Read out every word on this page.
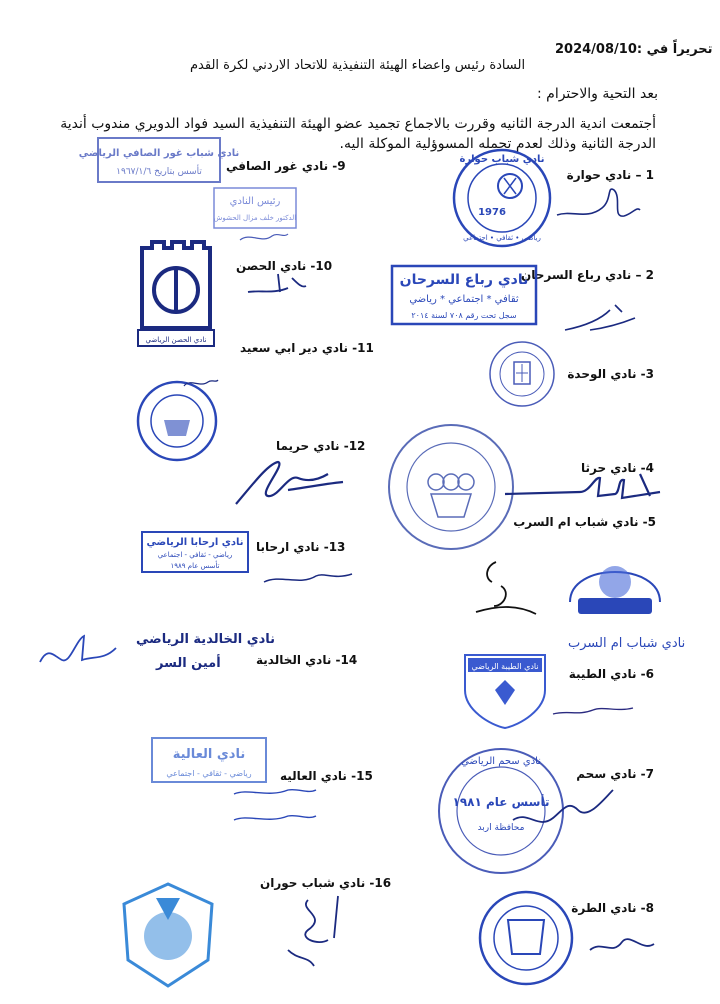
تحريراً في :2024/08/10
السادة رئيس واعضاء الهيئة التنفيذية للاتحاد الاردني لكرة القدم
بعد التحية والاحترام :
أجتمعت اندية الدرجة الثانيه وقررت بالاجماع تجميد عضو الهيئة التنفيذية السيد فواد الدويري مندوب أندية الدرجة الثانية وذلك لعدم تحمله المسوؤلية الموكلة اليه.
1 – نادي حوارة
2 – نادي رباع السرحان
3- نادي الوحدة
4- نادي حرثا
5- نادي شباب ام السرب
6- نادي الطيبة
7- نادي سحم
8- نادي الطرة
9- نادي غور الصافي
10- نادي الحصن
11- نادي دير ابي سعيد
12- نادي حريما
13- نادي ارحابا
14- نادي الخالدية
15- نادي العاليه
16- نادي شباب حوران
نادي شباب حوارة
1976
رياضي • ثقافي • اجتماعي
نادي رباع السرحان
ثقافي * اجتماعي * رياضي
سجل تحت رقم ٧٠٨ لسنة ٢٠١٤
نادي شباب ام السرب
نادي الطيبة الرياضي
نادي سحم الرياضي
تأسس عام ١٩٨١
محافظة اربد
نادي شباب غور الصافي الرياضي
تأسس بتاريخ ١٩٦٧/١/٦
رئيس النادي
الدكتور خلف مزال الحشوش
نادي الحصن الرياضي
نادي ارحابا الرياضي
رياضي - ثقافي - اجتماعي
تأسس عام ١٩٨٩
نادي الخالدية الرياضي
أمين السر
نادي العالية
رياضي - ثقافي - اجتماعي
